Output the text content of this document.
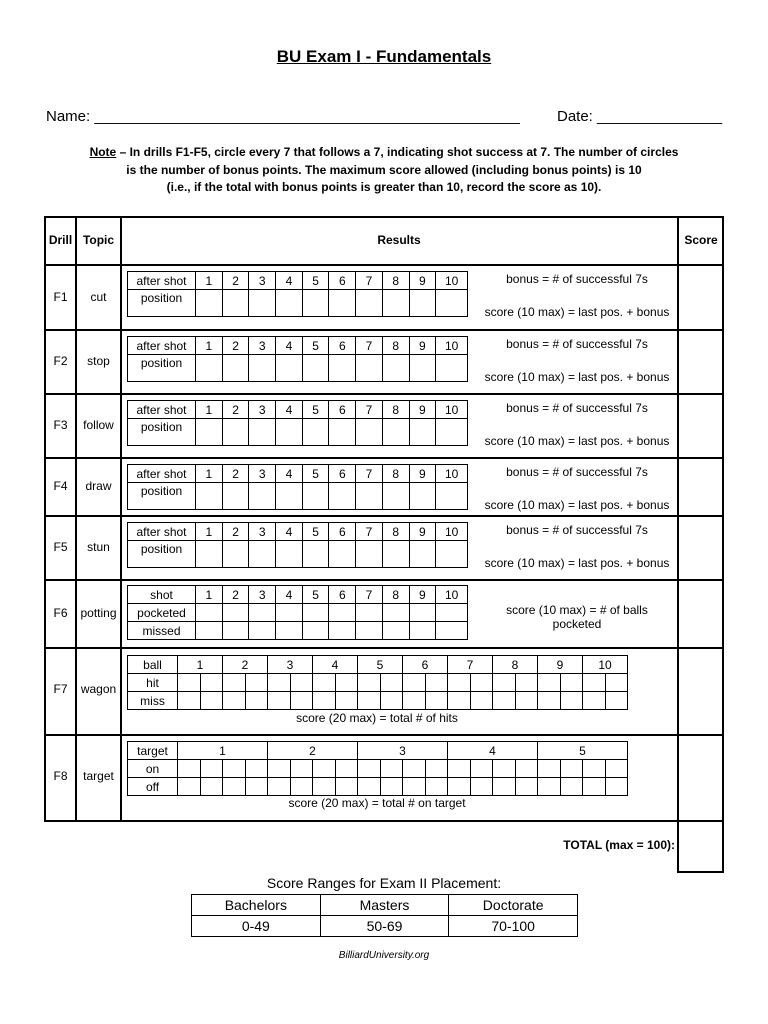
BU Exam I - Fundamentals
Name: ___________________________________________________ Date: _______________
Note – In drills F1-F5, circle every 7 that follows a 7, indicating shot success at 7. The number of circles
is the number of bonus points. The maximum score allowed (including bonus points) is 10
(i.e., if the total with bonus points is greater than 10, record the score as 10).
Drill Topic	Results	Score
F1	cut
after shot	1	2	3	4	5	6	7	8	9	10
position										
bonus = # of successful 7s
score (10 max) = last pos. + bonus
F2	stop
after shot	1	2	3	4	5	6	7	8	9	10
position										
bonus = # of successful 7s
score (10 max) = last pos. + bonus
F3	follow
after shot	1	2	3	4	5	6	7	8	9	10
position										
bonus = # of successful 7s
score (10 max) = last pos. + bonus
F4	draw
after shot	1	2	3	4	5	6	7	8	9	10
position										
bonus = # of successful 7s
score (10 max) = last pos. + bonus
F5	stun
after shot	1	2	3	4	5	6	7	8	9	10
position										
bonus = # of successful 7s
score (10 max) = last pos. + bonus
F6	potting
shot	1	2	3	4	5	6	7	8	9	10
pocketed										
missed										
score (10 max) = # of balls
pocketed
F7	wagon
ball	1		2		3		4		5		6		7		8		9		10	
hit																				
miss																				
score (20 max) = total # of hits
F8	target
target	1				2				3				4				5			
on																				
off																				
score (20 max) = total # on target
TOTAL (max = 100):
Score Ranges for Exam II Placement:
Bachelors	Masters	Doctorate
0-49	50-69	70-100
BilliardUniversity.org
